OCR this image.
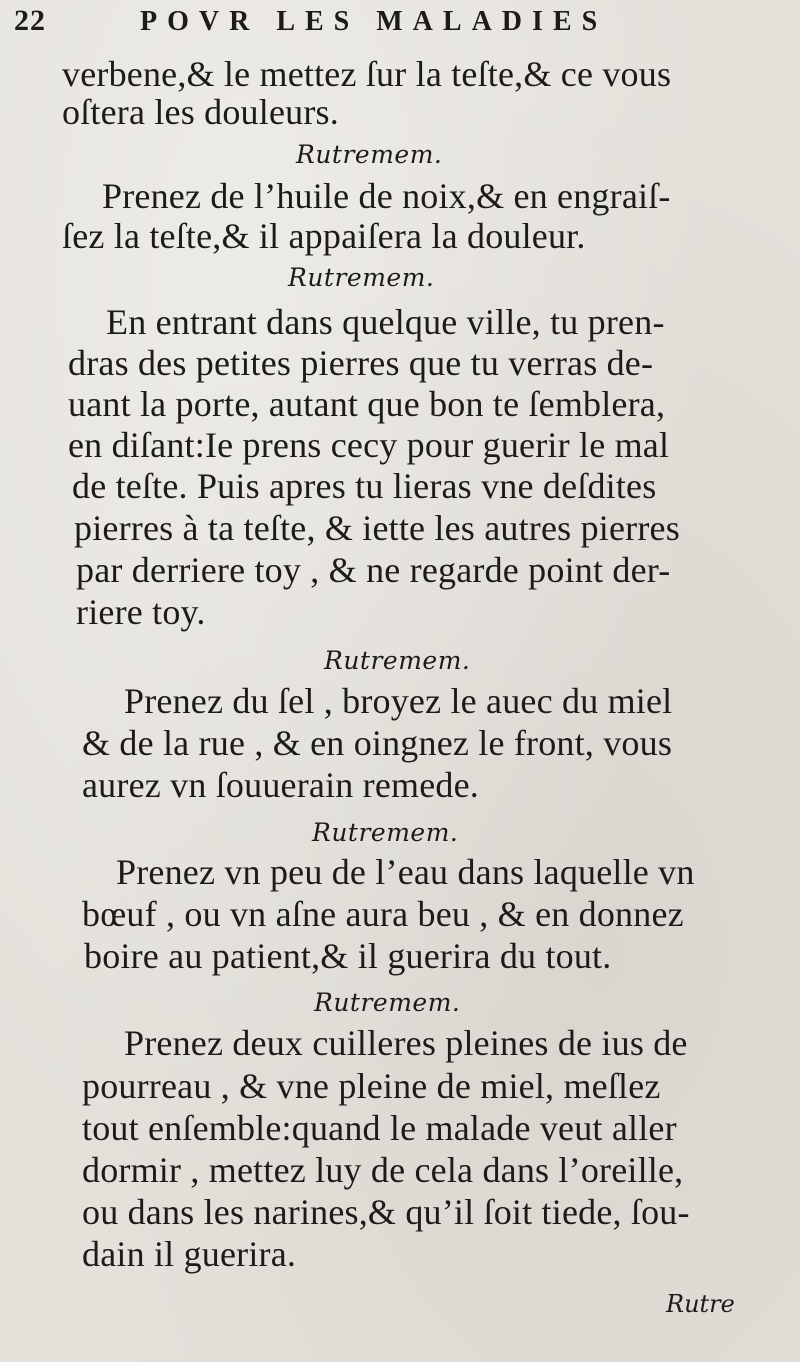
22	POVR LES MALADIES
verbene,& le mettez ſur la teſte,& ce vous
oſtera les douleurs.
Rutremem.
Prenez de l’huile de noix,& en engraiſ-
ſez la teſte,& il appaiſera la douleur.
Rutremem.
En entrant dans quelque ville, tu pren-
dras des petites pierres que tu verras de-
uant la porte, autant que bon te ſemblera,
en diſant:Ie prens cecy pour guerir le mal
de teſte. Puis apres tu lieras vne deſdites
pierres à ta teſte, & iette les autres pierres
par derriere toy , & ne regarde point der-
riere toy.
Rutremem.
Prenez du ſel , broyez le auec du miel
& de la rue , & en oingnez le front, vous
aurez vn ſouuerain remede.
Rutremem.
Prenez vn peu de l’eau dans laquelle vn
bœuf , ou vn aſne aura beu , & en donnez
boire au patient,& il guerira du tout.
Rutremem.
Prenez deux cuilleres pleines de ius de
pourreau , & vne pleine de miel, meſlez
tout enſemble:quand le malade veut aller
dormir , mettez luy de cela dans l’oreille,
ou dans les narines,& qu’il ſoit tiede, ſou-
dain il guerira.
Rutre
